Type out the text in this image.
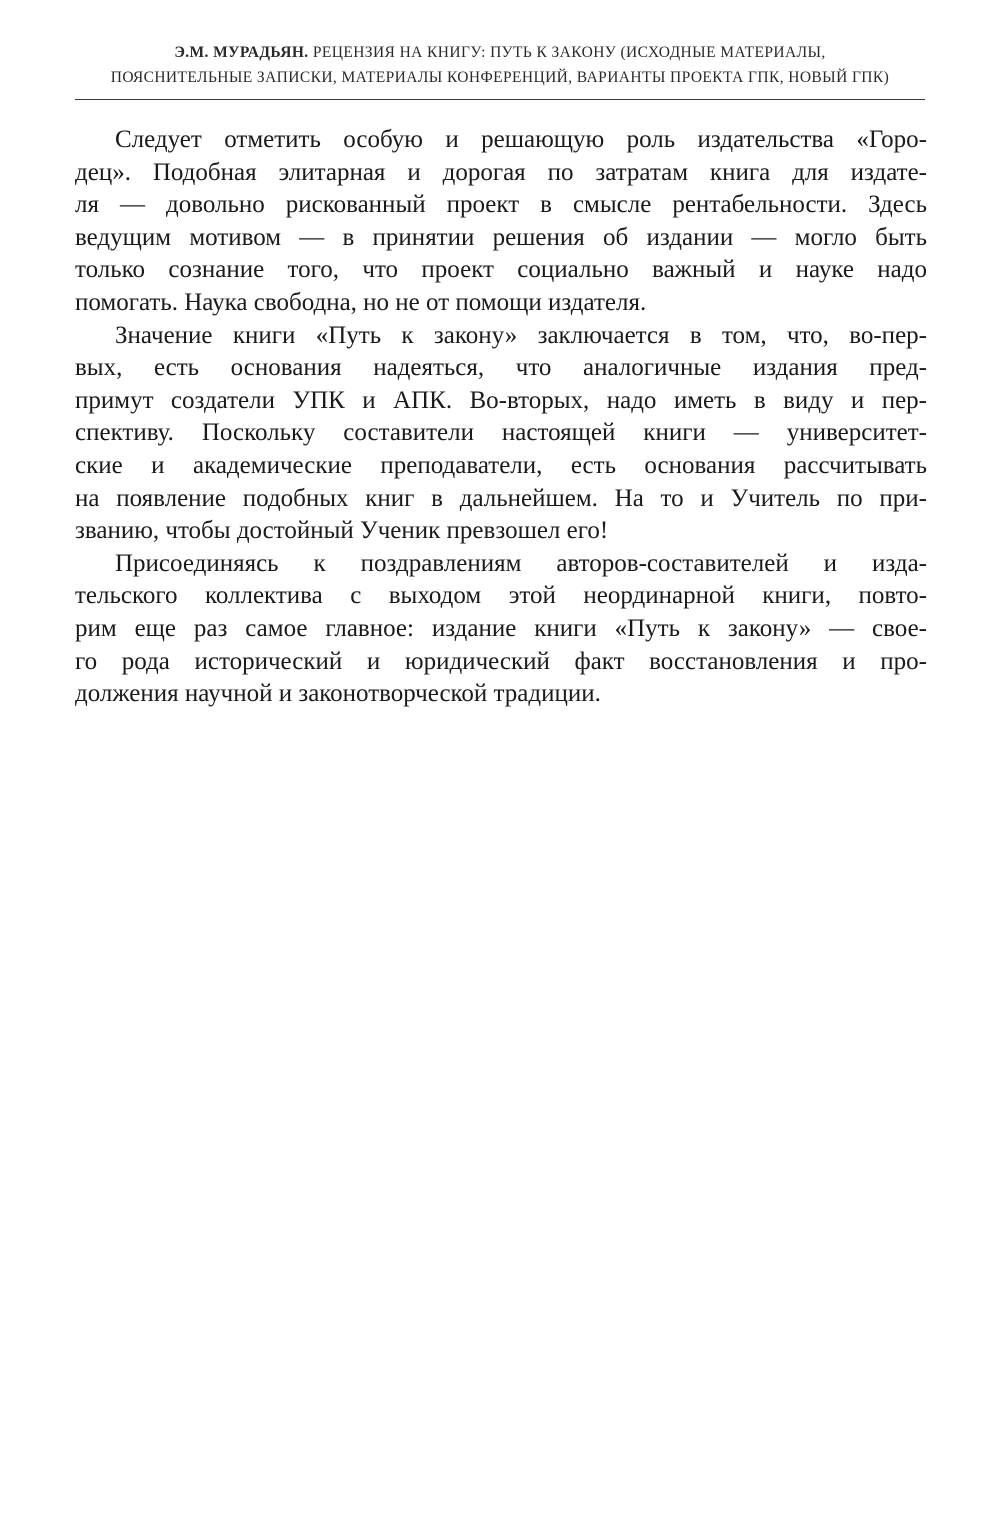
Э.М. МУРАДЬЯН. РЕЦЕНЗИЯ НА КНИГУ: ПУТЬ К ЗАКОНУ (ИСХОДНЫЕ МАТЕРИАЛЫ,
ПОЯСНИТЕЛЬНЫЕ ЗАПИСКИ, МАТЕРИАЛЫ КОНФЕРЕНЦИЙ, ВАРИАНТЫ ПРОЕКТА ГПК, НОВЫЙ ГПК)
Следует отметить особую и решающую роль издательства «Горо-
дец». Подобная элитарная и дорогая по затратам книга для издате-
ля — довольно рискованный проект в смысле рентабельности. Здесь
ведущим мотивом — в принятии решения об издании — могло быть
только сознание того, что проект социально важный и науке надо
помогать. Наука свободна, но не от помощи издателя.
Значение книги «Путь к закону» заключается в том, что, во-пер-
вых, есть основания надеяться, что аналогичные издания пред-
примут создатели УПК и АПК. Во-вторых, надо иметь в виду и пер-
спективу. Поскольку составители настоящей книги — университет-
ские и академические преподаватели, есть основания рассчитывать
на появление подобных книг в дальнейшем. На то и Учитель по при-
званию, чтобы достойный Ученик превзошел его!
Присоединяясь к поздравлениям авторов-составителей и изда-
тельского коллектива с выходом этой неординарной книги, повто-
рим еще раз самое главное: издание книги «Путь к закону» — свое-
го рода исторический и юридический факт восстановления и про-
должения научной и законотворческой традиции.
